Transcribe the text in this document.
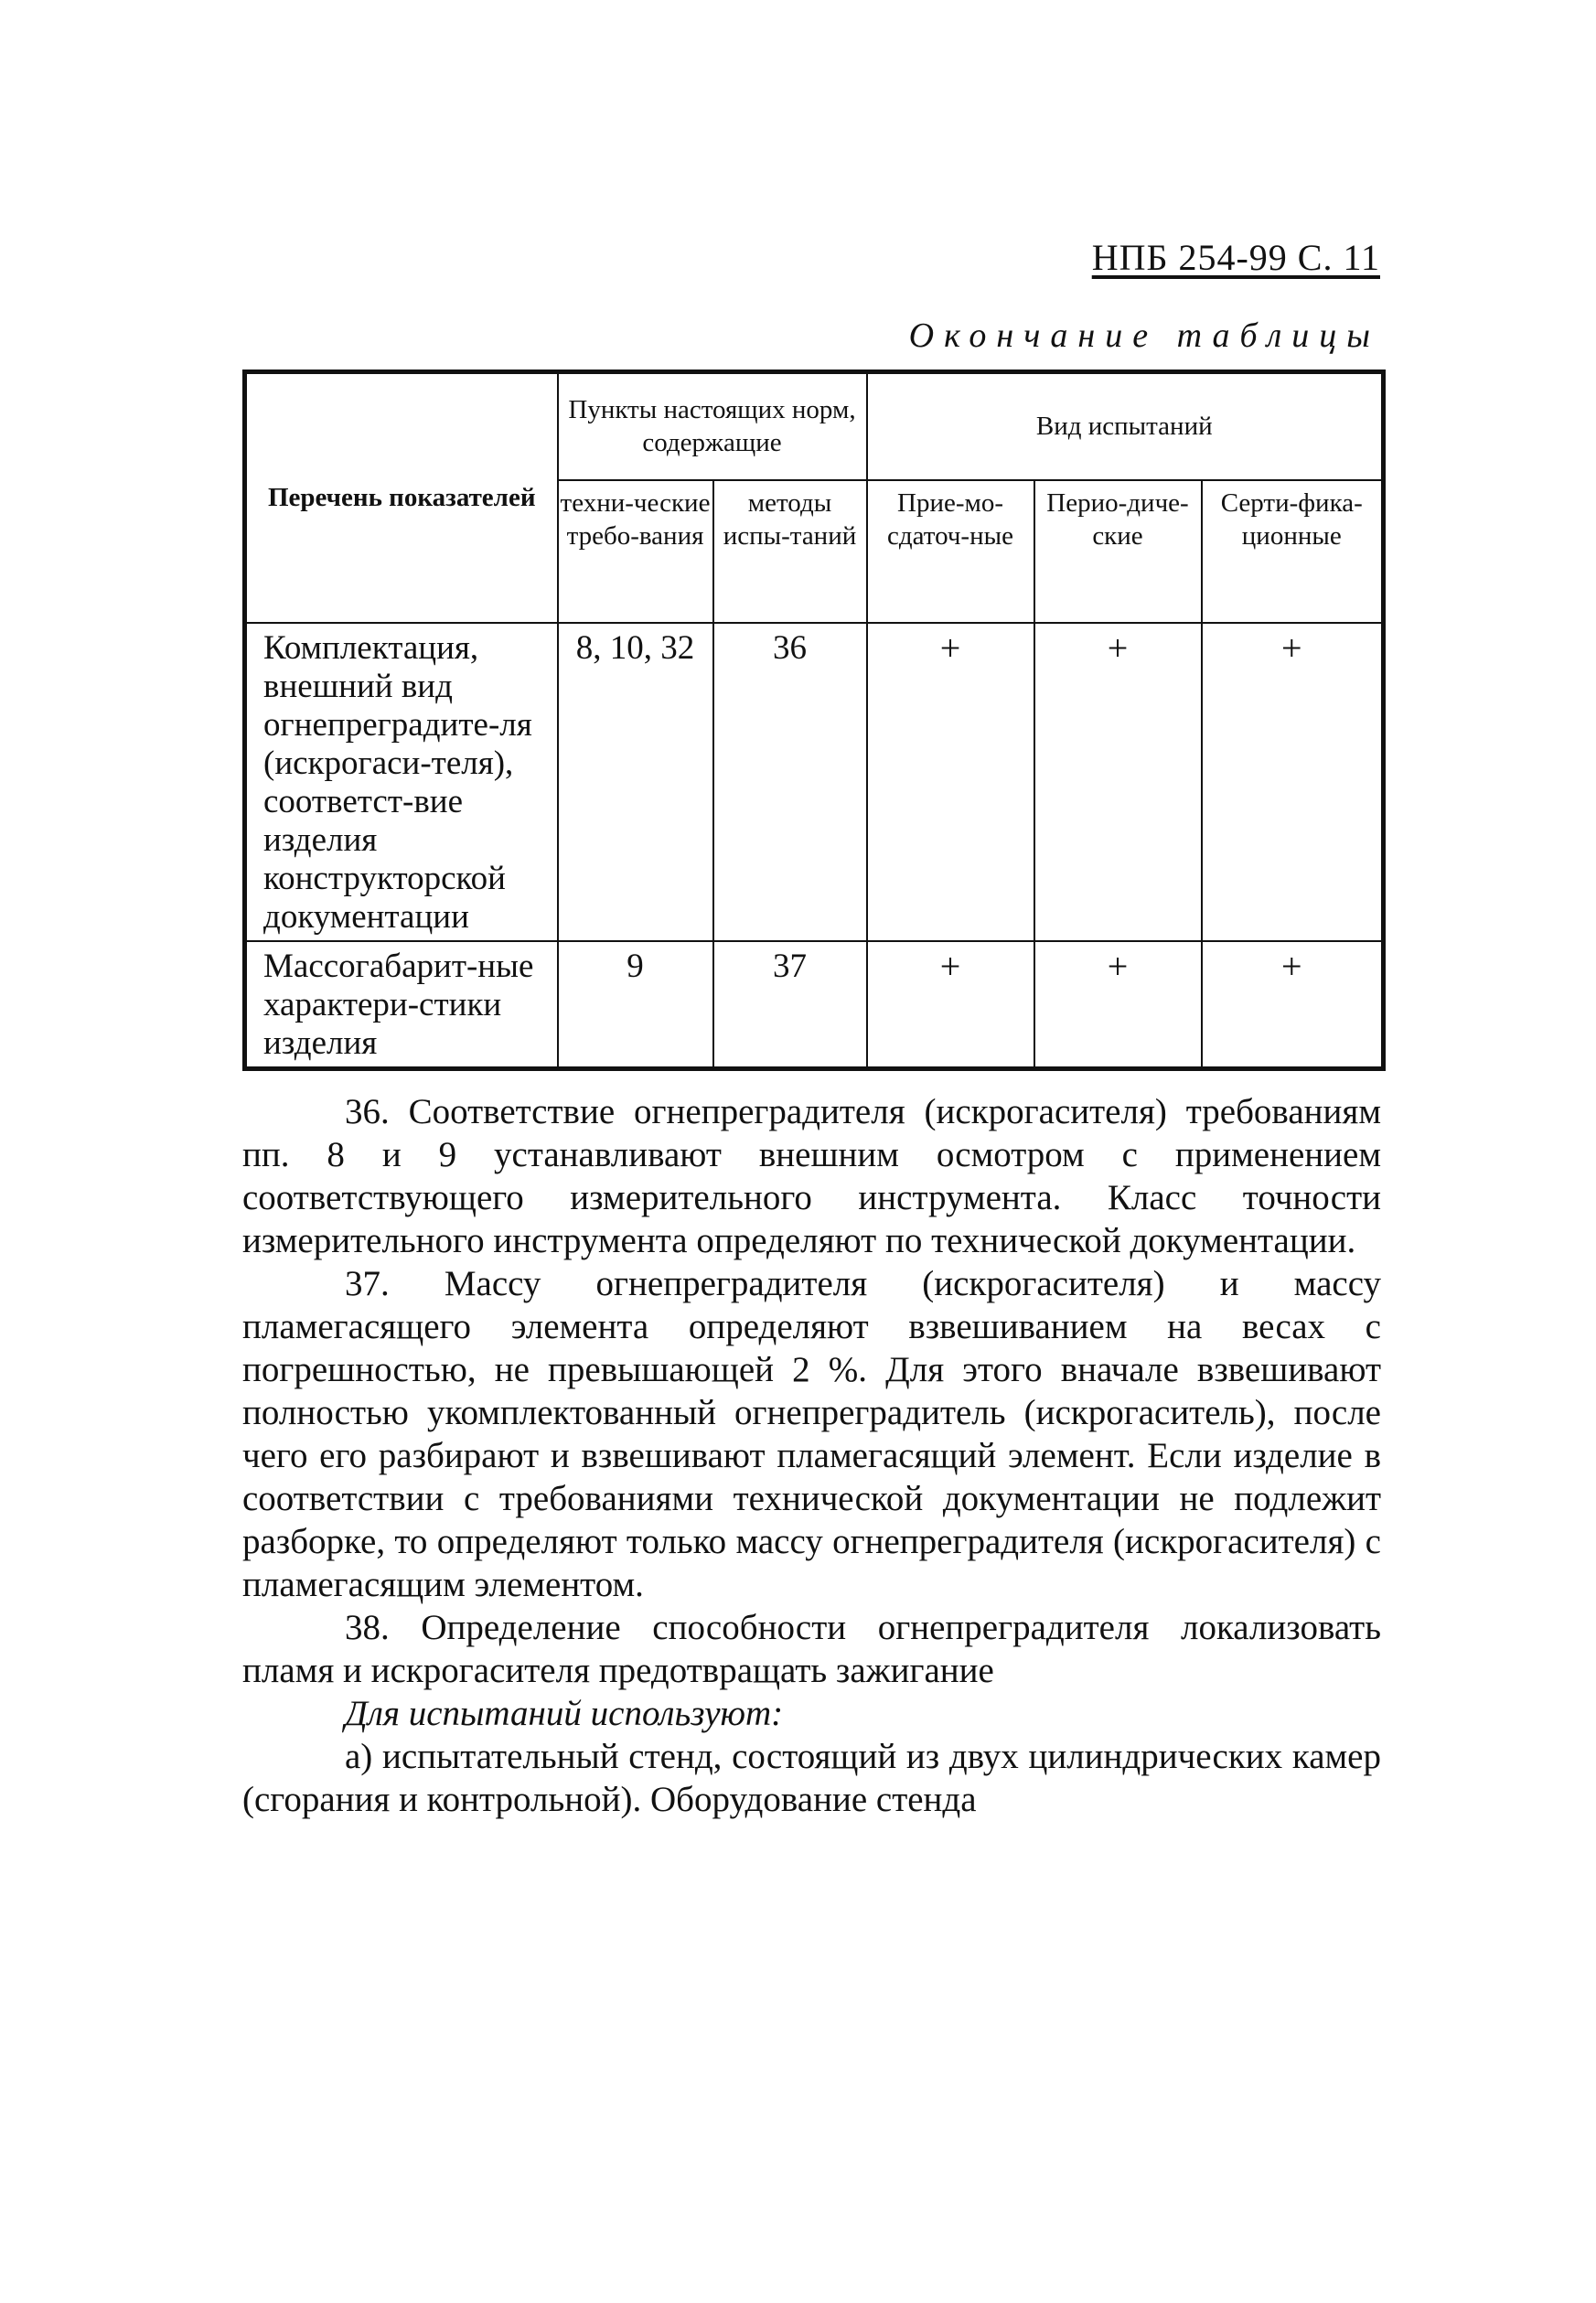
НПБ 254-99 С. 11
Окончание таблицы
Перечень показателей	Пункты настоящих норм, содержащие		Вид испытаний		
	техни-ческие требо-вания	методы испы-таний	Прие-мо-сдаточ-ные	Перио-диче-ские	Серти-фика-ционные
Комплектация, внешний вид огнепреградите-ля (искрогаси-теля), соответст-вие изделия конструкторской документации	8, 10, 32	36	+	+	+
Массогабарит-ные характери-стики изделия	9	37	+	+	+

36. Соответствие огнепреградителя (искрогасителя) требованиям пп. 8 и 9 устанавливают внешним осмотром с применением соответствующего измерительного инструмента. Класс точности измерительного инструмента определяют по технической документации.

37. Массу огнепреградителя (искрогасителя) и массу пламегасящего элемента определяют взвешиванием на весах с погрешностью, не превышающей 2 %. Для этого вначале взвешивают полностью укомплектованный огнепреградитель (искрогаситель), после чего его разбирают и взвешивают пламегасящий элемент. Если изделие в соответствии с требованиями технической документации не подлежит разборке, то определяют только массу огнепреградителя (искрогасителя) с пламегасящим элементом.

38. Определение способности огнепреградителя локализовать пламя и искрогасителя предотвращать зажигание

Для испытаний используют:

а) испытательный стенд, состоящий из двух цилиндрических камер (сгорания и контрольной). Оборудование стенда
